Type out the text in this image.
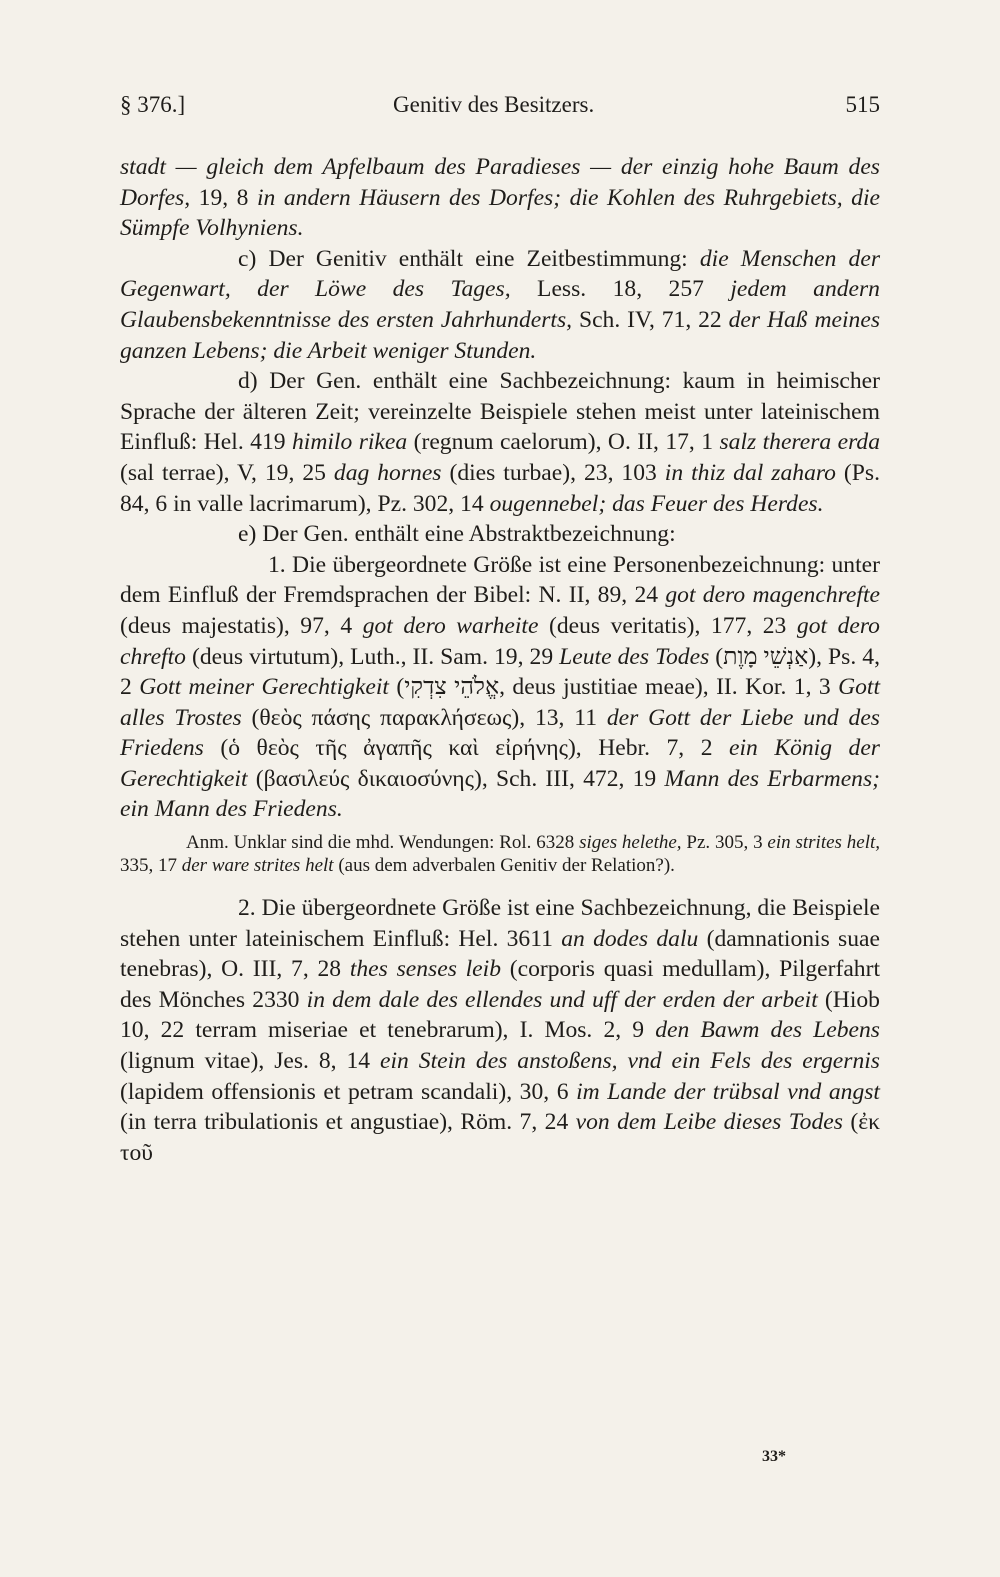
§ 376.]	Genitiv des Besitzers.	515

stadt — gleich dem Apfelbaum des Paradieses — der einzig hohe Baum des Dorfes, 19, 8 in andern Häusern des Dorfes; die Kohlen des Ruhrgebiets, die Sümpfe Volhyniens.

c) Der Genitiv enthält eine Zeitbestimmung: die Menschen der Gegenwart, der Löwe des Tages, Less. 18, 257 jedem andern Glaubensbekenntnisse des ersten Jahrhunderts, Sch. IV, 71, 22 der Haß meines ganzen Lebens; die Arbeit weniger Stunden.

d) Der Gen. enthält eine Sachbezeichnung: kaum in heimischer Sprache der älteren Zeit; vereinzelte Beispiele stehen meist unter lateinischem Einfluß: Hel. 419 himilo rikea (regnum caelorum), O. II, 17, 1 salz therera erda (sal terrae), V, 19, 25 dag hornes (dies turbae), 23, 103 in thiz dal zaharo (Ps. 84, 6 in valle lacrimarum), Pz. 302, 14 ougennebel; das Feuer des Herdes.

e) Der Gen. enthält eine Abstraktbezeichnung:

1. Die übergeordnete Größe ist eine Personenbezeichnung: unter dem Einfluß der Fremdsprachen der Bibel: N. II, 89, 24 got dero magenchrefte (deus majestatis), 97, 4 got dero warheite (deus veritatis), 177, 23 got dero chrefto (deus virtutum), Luth., II. Sam. 19, 29 Leute des Todes (אַנְשֵׁי מָוֶת), Ps. 4, 2 Gott meiner Gerechtigkeit (אֱלֹהֵי צִדְקִי, deus justitiae meae), II. Kor. 1, 3 Gott alles Trostes (θεὸς πάσης παρακλήσεως), 13, 11 der Gott der Liebe und des Friedens (ὁ θεὸς τῆς ἀγαπῆς καὶ εἰρήνης), Hebr. 7, 2 ein König der Gerechtigkeit (βασιλεύς δικαιοσύνης), Sch. III, 472, 19 Mann des Erbarmens; ein Mann des Friedens.

Anm. Unklar sind die mhd. Wendungen: Rol. 6328 siges helethe, Pz. 305, 3 ein strites helt, 335, 17 der ware strites helt (aus dem adverbalen Genitiv der Relation?).

2. Die übergeordnete Größe ist eine Sachbezeichnung, die Beispiele stehen unter lateinischem Einfluß: Hel. 3611 an dodes dalu (damnationis suae tenebras), O. III, 7, 28 thes senses leib (corporis quasi medullam), Pilgerfahrt des Mönches 2330 in dem dale des ellendes und uff der erden der arbeit (Hiob 10, 22 terram miseriae et tenebrarum), I. Mos. 2, 9 den Bawm des Lebens (lignum vitae), Jes. 8, 14 ein Stein des anstoßens, vnd ein Fels des ergernis (lapidem offensionis et petram scandali), 30, 6 im Lande der trübsal vnd angst (in terra tribulationis et angustiae), Röm. 7, 24 von dem Leibe dieses Todes (ἐκ τοῦ

33*
